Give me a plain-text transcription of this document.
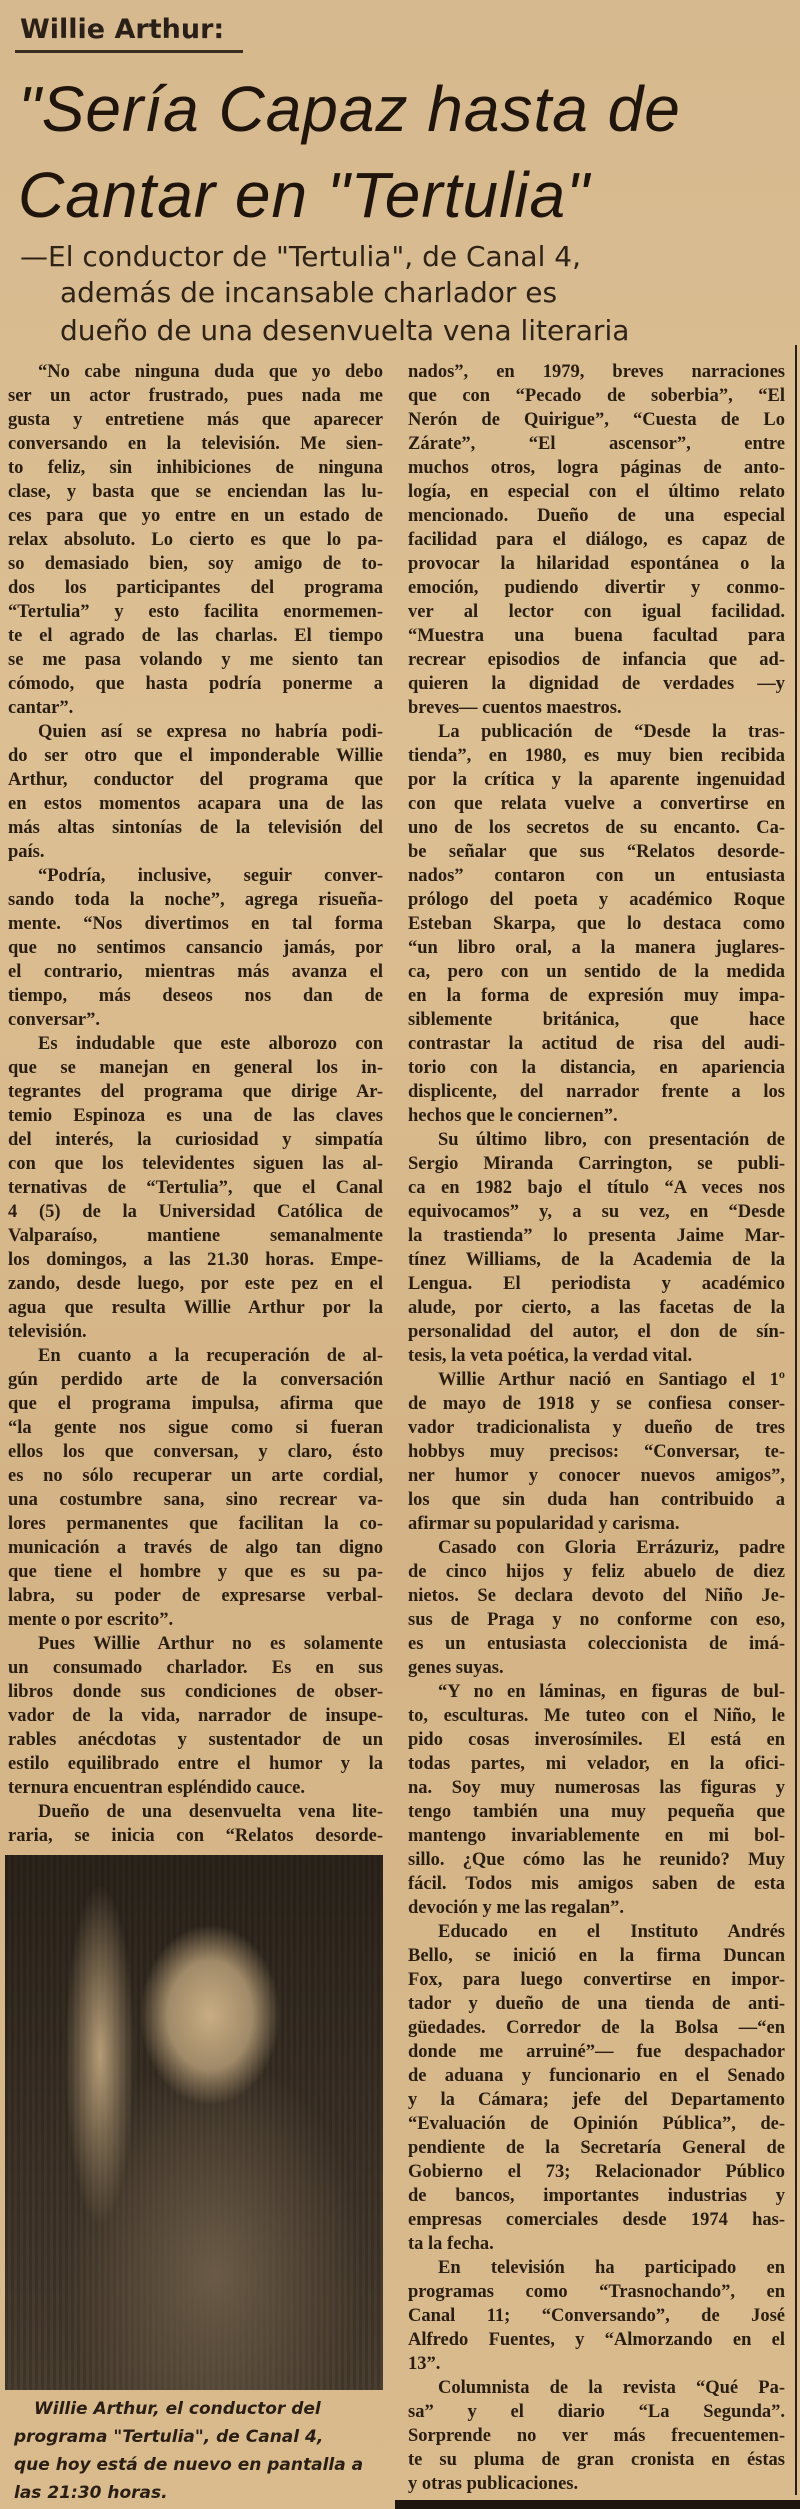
Willie Arthur:
"Sería Capaz hasta de
Cantar en "Tertulia"
—El conductor de "Tertulia", de Canal 4,
además de incansable charlador es
dueño de una desenvuelta vena literaria
“No cabe ninguna duda que yo debo
ser un actor frustrado, pues nada me
gusta y entretiene más que aparecer
conversando en la televisión. Me sien-
to feliz, sin inhibiciones de ninguna
clase, y basta que se enciendan las lu-
ces para que yo entre en un estado de
relax absoluto. Lo cierto es que lo pa-
so demasiado bien, soy amigo de to-
dos los participantes del programa
“Tertulia” y esto facilita enormemen-
te el agrado de las charlas. El tiempo
se me pasa volando y me siento tan
cómodo, que hasta podría ponerme a
cantar”.
Quien así se expresa no habría podi-
do ser otro que el imponderable Willie
Arthur, conductor del programa que
en estos momentos acapara una de las
más altas sintonías de la televisión del
país.
“Podría, inclusive, seguir conver-
sando toda la noche”, agrega risueña-
mente. “Nos divertimos en tal forma
que no sentimos cansancio jamás, por
el contrario, mientras más avanza el
tiempo, más deseos nos dan de
conversar”.
Es indudable que este alborozo con
que se manejan en general los in-
tegrantes del programa que dirige Ar-
temio Espinoza es una de las claves
del interés, la curiosidad y simpatía
con que los televidentes siguen las al-
ternativas de “Tertulia”, que el Canal
4 (5) de la Universidad Católica de
Valparaíso, mantiene semanalmente
los domingos, a las 21.30 horas. Empe-
zando, desde luego, por este pez en el
agua que resulta Willie Arthur por la
televisión.
En cuanto a la recuperación de al-
gún perdido arte de la conversación
que el programa impulsa, afirma que
“la gente nos sigue como si fueran
ellos los que conversan, y claro, ésto
es no sólo recuperar un arte cordial,
una costumbre sana, sino recrear va-
lores permanentes que facilitan la co-
municación a través de algo tan digno
que tiene el hombre y que es su pa-
labra, su poder de expresarse verbal-
mente o por escrito”.
Pues Willie Arthur no es solamente
un consumado charlador. Es en sus
libros donde sus condiciones de obser-
vador de la vida, narrador de insupe-
rables anécdotas y sustentador de un
estilo equilibrado entre el humor y la
ternura encuentran espléndido cauce.
Dueño de una desenvuelta vena lite-
raria, se inicia con “Relatos desorde-
nados”, en 1979, breves narraciones
que con “Pecado de soberbia”, “El
Nerón de Quirigue”, “Cuesta de Lo
Zárate”, “El ascensor”, entre
muchos otros, logra páginas de anto-
logía, en especial con el último relato
mencionado. Dueño de una especial
facilidad para el diálogo, es capaz de
provocar la hilaridad espontánea o la
emoción, pudiendo divertir y conmo-
ver al lector con igual facilidad.
“Muestra una buena facultad para
recrear episodios de infancia que ad-
quieren la dignidad de verdades —y
breves— cuentos maestros.
La publicación de “Desde la tras-
tienda”, en 1980, es muy bien recibida
por la crítica y la aparente ingenuidad
con que relata vuelve a convertirse en
uno de los secretos de su encanto. Ca-
be señalar que sus “Relatos desorde-
nados” contaron con un entusiasta
prólogo del poeta y académico Roque
Esteban Skarpa, que lo destaca como
“un libro oral, a la manera juglares-
ca, pero con un sentido de la medida
en la forma de expresión muy impa-
siblemente británica, que hace
contrastar la actitud de risa del audi-
torio con la distancia, en apariencia
displicente, del narrador frente a los
hechos que le conciernen”.
Su último libro, con presentación de
Sergio Miranda Carrington, se publi-
ca en 1982 bajo el título “A veces nos
equivocamos” y, a su vez, en “Desde
la trastienda” lo presenta Jaime Mar-
tínez Williams, de la Academia de la
Lengua. El periodista y académico
alude, por cierto, a las facetas de la
personalidad del autor, el don de sín-
tesis, la veta poética, la verdad vital.
Willie Arthur nació en Santiago el 1º
de mayo de 1918 y se confiesa conser-
vador tradicionalista y dueño de tres
hobbys muy precisos: “Conversar, te-
ner humor y conocer nuevos amigos”,
los que sin duda han contribuido a
afirmar su popularidad y carisma.
Casado con Gloria Errázuriz, padre
de cinco hijos y feliz abuelo de diez
nietos. Se declara devoto del Niño Je-
sus de Praga y no conforme con eso,
es un entusiasta coleccionista de imá-
genes suyas.
“Y no en láminas, en figuras de bul-
to, esculturas. Me tuteo con el Niño, le
pido cosas inverosímiles. El está en
todas partes, mi velador, en la ofici-
na. Soy muy numerosas las figuras y
tengo también una muy pequeña que
mantengo invariablemente en mi bol-
sillo. ¿Que cómo las he reunido? Muy
fácil. Todos mis amigos saben de esta
devoción y me las regalan”.
Educado en el Instituto Andrés
Bello, se inició en la firma Duncan
Fox, para luego convertirse en impor-
tador y dueño de una tienda de anti-
güedades. Corredor de la Bolsa —“en
donde me arruiné”— fue despachador
de aduana y funcionario en el Senado
y la Cámara; jefe del Departamento
“Evaluación de Opinión Pública”, de-
pendiente de la Secretaría General de
Gobierno el 73; Relacionador Público
de bancos, importantes industrias y
empresas comerciales desde 1974 has-
ta la fecha.
En televisión ha participado en
programas como “Trasnochando”, en
Canal 11; “Conversando”, de José
Alfredo Fuentes, y “Almorzando en el
13”.
Columnista de la revista “Qué Pa-
sa” y el diario “La Segunda”.
Sorprende no ver más frecuentemen-
te su pluma de gran cronista en éstas
y otras publicaciones.
Willie Arthur, el conductor del
programa "Tertulia", de Canal 4,
que hoy está de nuevo en pantalla a
las 21:30 horas.
